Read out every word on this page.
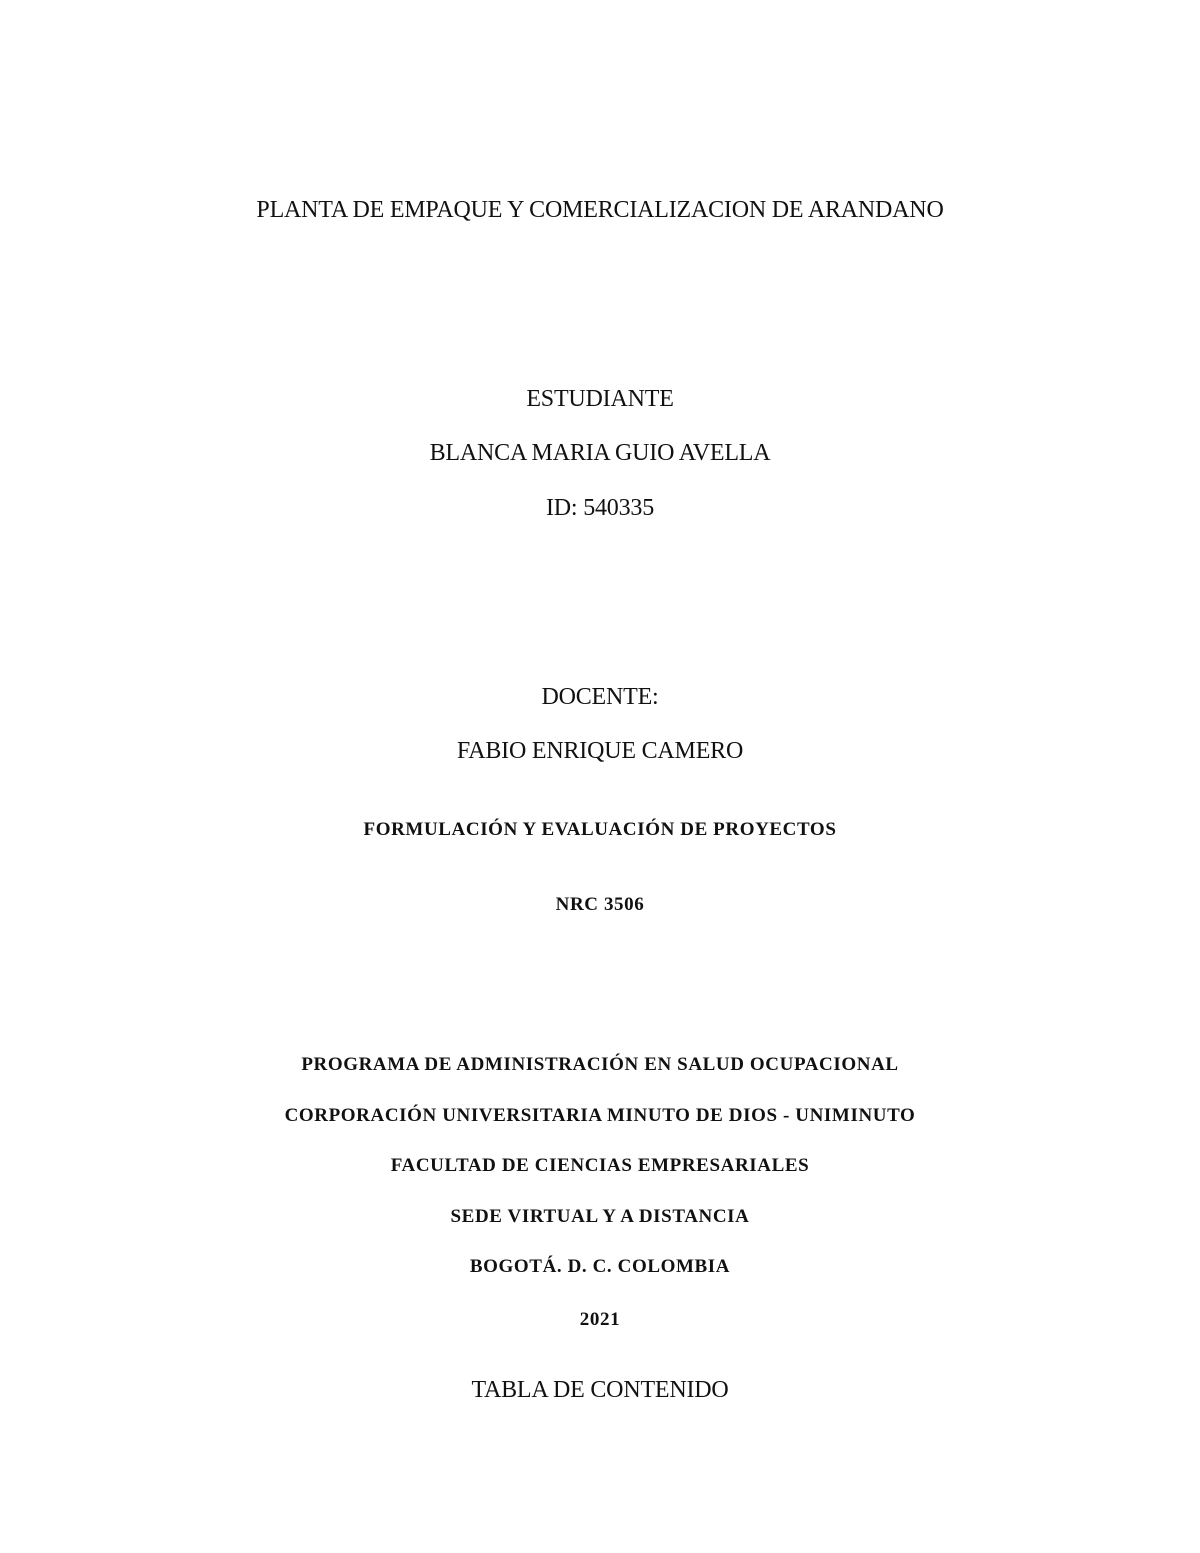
PLANTA DE EMPAQUE Y COMERCIALIZACION DE ARANDANO
ESTUDIANTE
BLANCA MARIA GUIO AVELLA
ID: 540335
DOCENTE:
FABIO ENRIQUE CAMERO
FORMULACIÓN Y EVALUACIÓN DE PROYECTOS
NRC 3506
PROGRAMA DE ADMINISTRACIÓN EN SALUD OCUPACIONAL
CORPORACIÓN UNIVERSITARIA MINUTO DE DIOS - UNIMINUTO
FACULTAD DE CIENCIAS EMPRESARIALES
SEDE VIRTUAL Y A DISTANCIA
BOGOTÁ. D. C. COLOMBIA
2021
TABLA DE CONTENIDO
